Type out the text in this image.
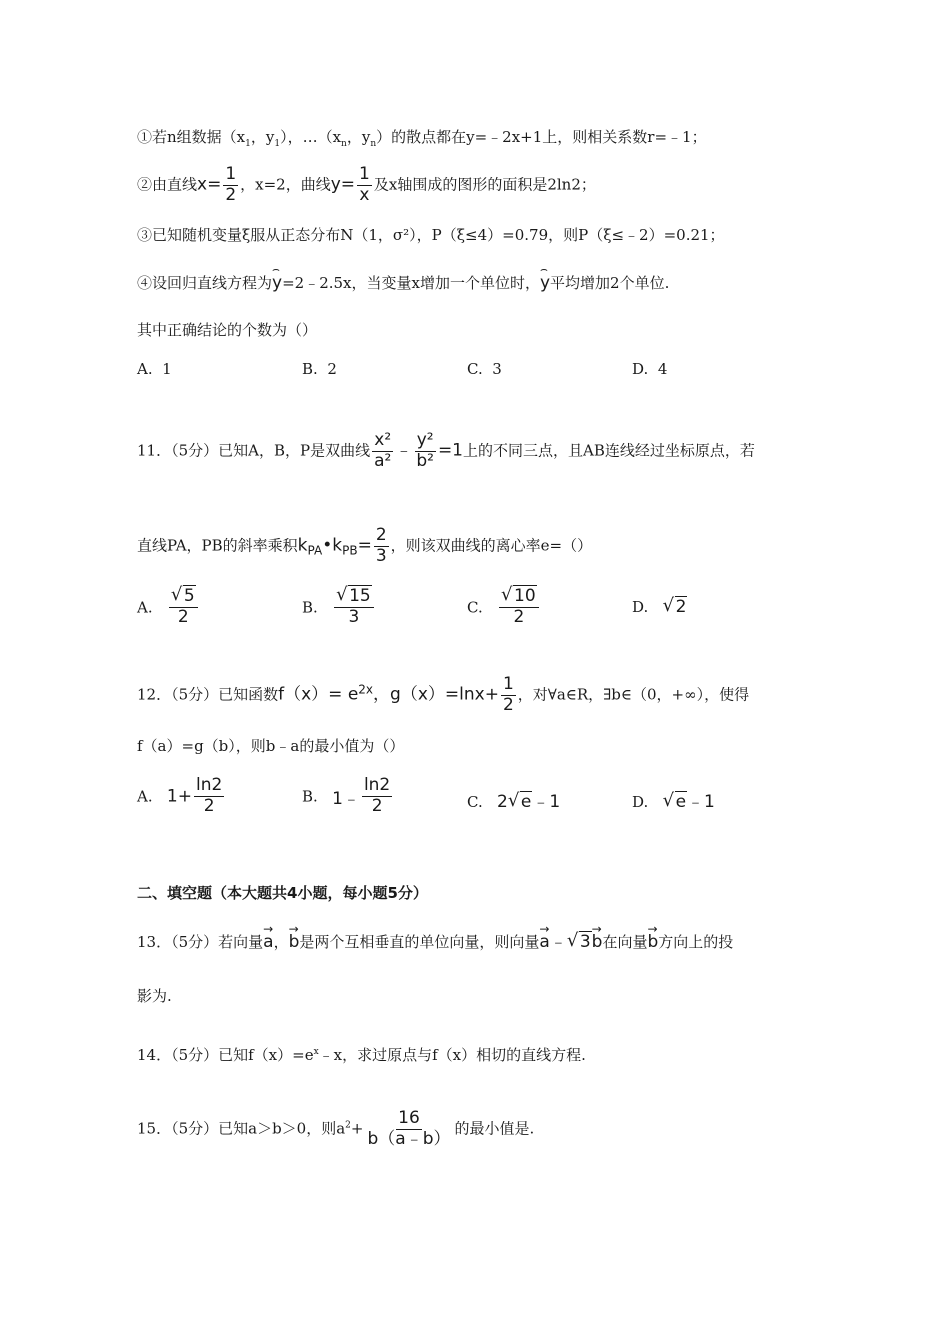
①若n组数据（$x_1$，$y_1$），$\dots(x_n$，$y_n$）的散点都在y=﹣2x+1上，则相关系数r=﹣1；
②由直线$x= \frac{1}{2}$ ，x=2，曲线$y= \frac{1}{x}$ 及x轴围成的图形的面积是2ln2；
③已知随机变量ξ服从正态分布N（1，σ²），P（ξ≤4）=0.79，则P（ξ≤﹣2）=0.21；
④设回归直线方程为⌢ y=2﹣2.5x，当变量x增加一个单位时，⌢ y平均增加2个单位.
其中正确结论的个数为（）
A. 1	B. 2	C. 3	D. 4
11．（5分）已知A，B，P是双曲线 $\frac{\text{x²}}{\text{a²}}$ ﹣ $\frac{\text{y²}}{\text{b²}} =1$上的不同三点，且AB连线经过坐标原点，若
直线PA，PB的斜率乘积$k_{PA}•k_{PB}= \frac{2}{3}$ ，则该双曲线的离心率e=（）
A. $\frac{√ 5}{2}$	B. $\frac{√ 15}{3}$	C. $\frac{√ 10}{2}$	D. √ 2
12．（5分）已知函数$f(x)= e^{2x}$，$g(x)=\ln x+ \frac{1}{2}$ ，对∀a∈R，∃b∈（0，+∞），使得
f（a）=g（b），则b﹣a的最小值为（）
A. $1+ \frac{\ln 2}{2}$	B. 1﹣ $\frac{\ln 2}{2}$	C. 2 √ e﹣1	D. √ e﹣1
二、填空题（本大题共4小题，每小题5分）
13．（5分）若向量→ a，→ b是两个互相垂直的单位向量，则向量→ a﹣ √ 3→ b在向量→ b方向上的投
影为.
14．（5分）已知$f(x)=e^x﹣x$，求过原点与f（x）相切的直线方程.
15．（5分）已知a＞b＞0，则$a^2+ \frac{16}{b(a﹣b)}$ 的最小值是.
